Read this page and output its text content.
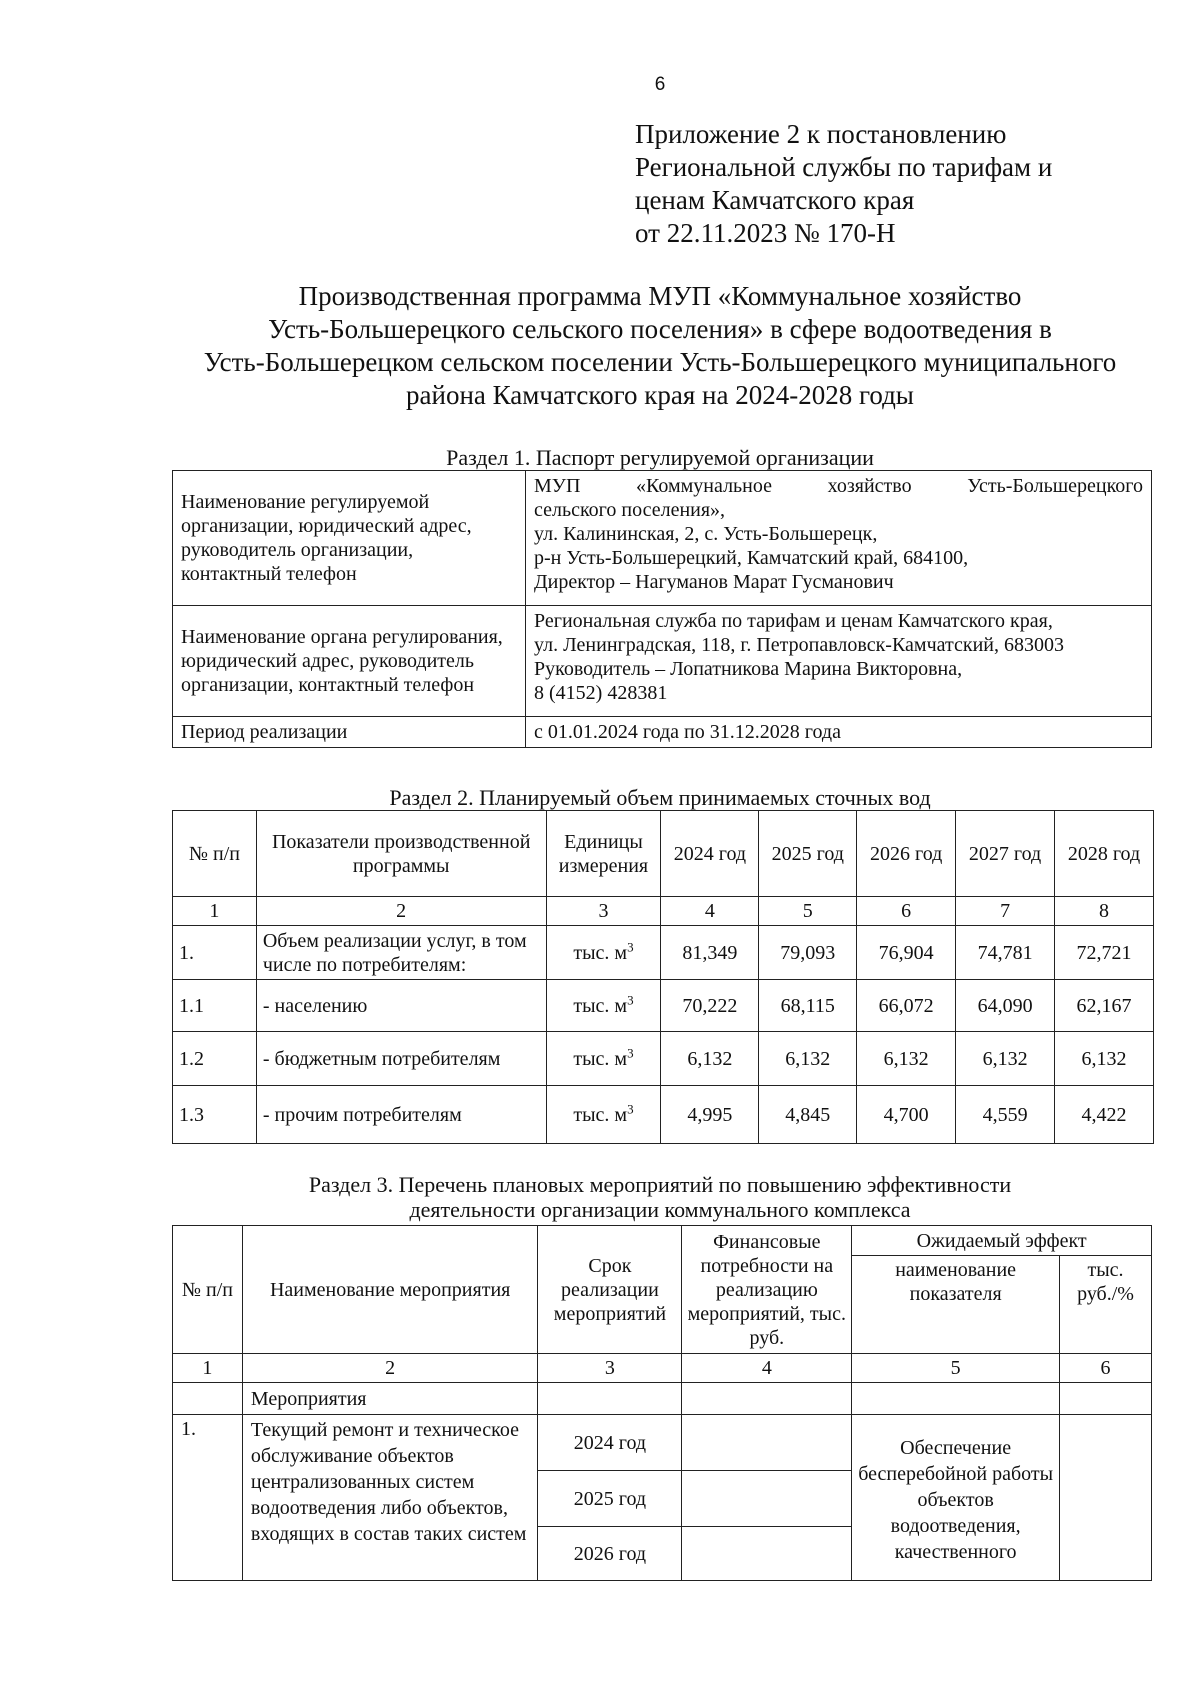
6
Приложение 2 к постановлению
Региональной службы по тарифам и
ценам Камчатского края
от 22.11.2023 № 170-Н
Производственная программа МУП «Коммунальное хозяйство
Усть-Большерецкого сельского поселения» в сфере водоотведения в
Усть-Большерецком сельском поселении Усть-Большерецкого муниципального
района Камчатского края на 2024-2028 годы
Раздел 1. Паспорт регулируемой организации
Наименование регулируемой организации, юридический адрес, руководитель организации, контактный телефон	МУП «Коммунальное хозяйство Усть-Большерецкого
сельского поселения»,
ул. Калининская, 2, с. Усть-Большерецк,
р-н Усть-Большерецкий, Камчатский край, 684100,
Директор – Нагуманов Марат Гусманович

Наименование органа регулирования, юридический адрес, руководитель организации, контактный телефон	Региональная служба по тарифам и ценам Камчатского края,
ул. Ленинградская, 118, г. Петропавловск-Камчатский, 683003
Руководитель – Лопатникова Марина Викторовна,
8 (4152) 428381

Период реализации	с 01.01.2024 года по 31.12.2028 года
Раздел 2. Планируемый объем принимаемых сточных вод
№ п/п	Показатели производственной программы	Единицы измерения	2024 год	2025 год	2026 год	2027 год	2028 год
1	2	3	4	5	6	7	8
1.	Объем реализации услуг, в том числе по потребителям:	тыс. $м^3$	81,349	79,093	76,904	74,781	72,721
1.1	- населению	тыс. $м^3$	70,222	68,115	66,072	64,090	62,167
1.2	- бюджетным потребителям	тыс. $м^3$	6,132	6,132	6,132	6,132	6,132
1.3	- прочим потребителям	тыс. $м^3$	4,995	4,845	4,700	4,559	4,422
Раздел 3. Перечень плановых мероприятий по повышению эффективности
деятельности организации коммунального комплекса
№ п/п	Наименование мероприятия	Срок реализации мероприятий	Финансовые потребности на реализацию мероприятий, тыс. руб.	Ожидаемый эффект	
				наименование показателя	тыс. руб./%
1	2	3	4	5	6
	Мероприятия				
1.	Текущий ремонт и техническое обслуживание объектов централизованных систем водоотведения либо объектов, входящих в состав таких систем	2024 год		Обеспечение бесперебойной работы объектов водоотведения, качественного	
		2025 год			
		2026 год			
